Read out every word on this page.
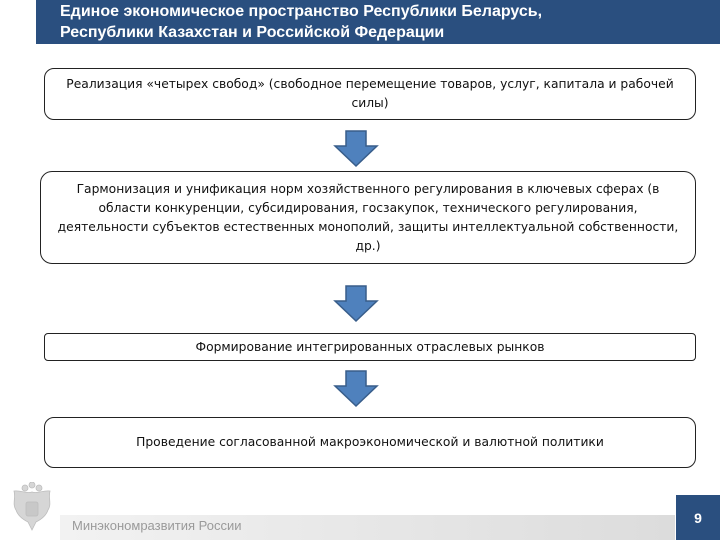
Единое экономическое пространство Республики Беларусь,
Республики Казахстан и Российской Федерации
Реализация «четырех свобод» (свободное перемещение товаров, услуг, капитала и рабочей силы)
Гармонизация и унификация норм хозяйственного регулирования в ключевых сферах (в области конкуренции, субсидирования, госзакупок, технического регулирования, деятельности субъектов естественных монополий, защиты интеллектуальной собственности, др.)
Формирование интегрированных отраслевых рынков
Проведение согласованной макроэкономической и валютной политики
Минэкономразвития России	9
